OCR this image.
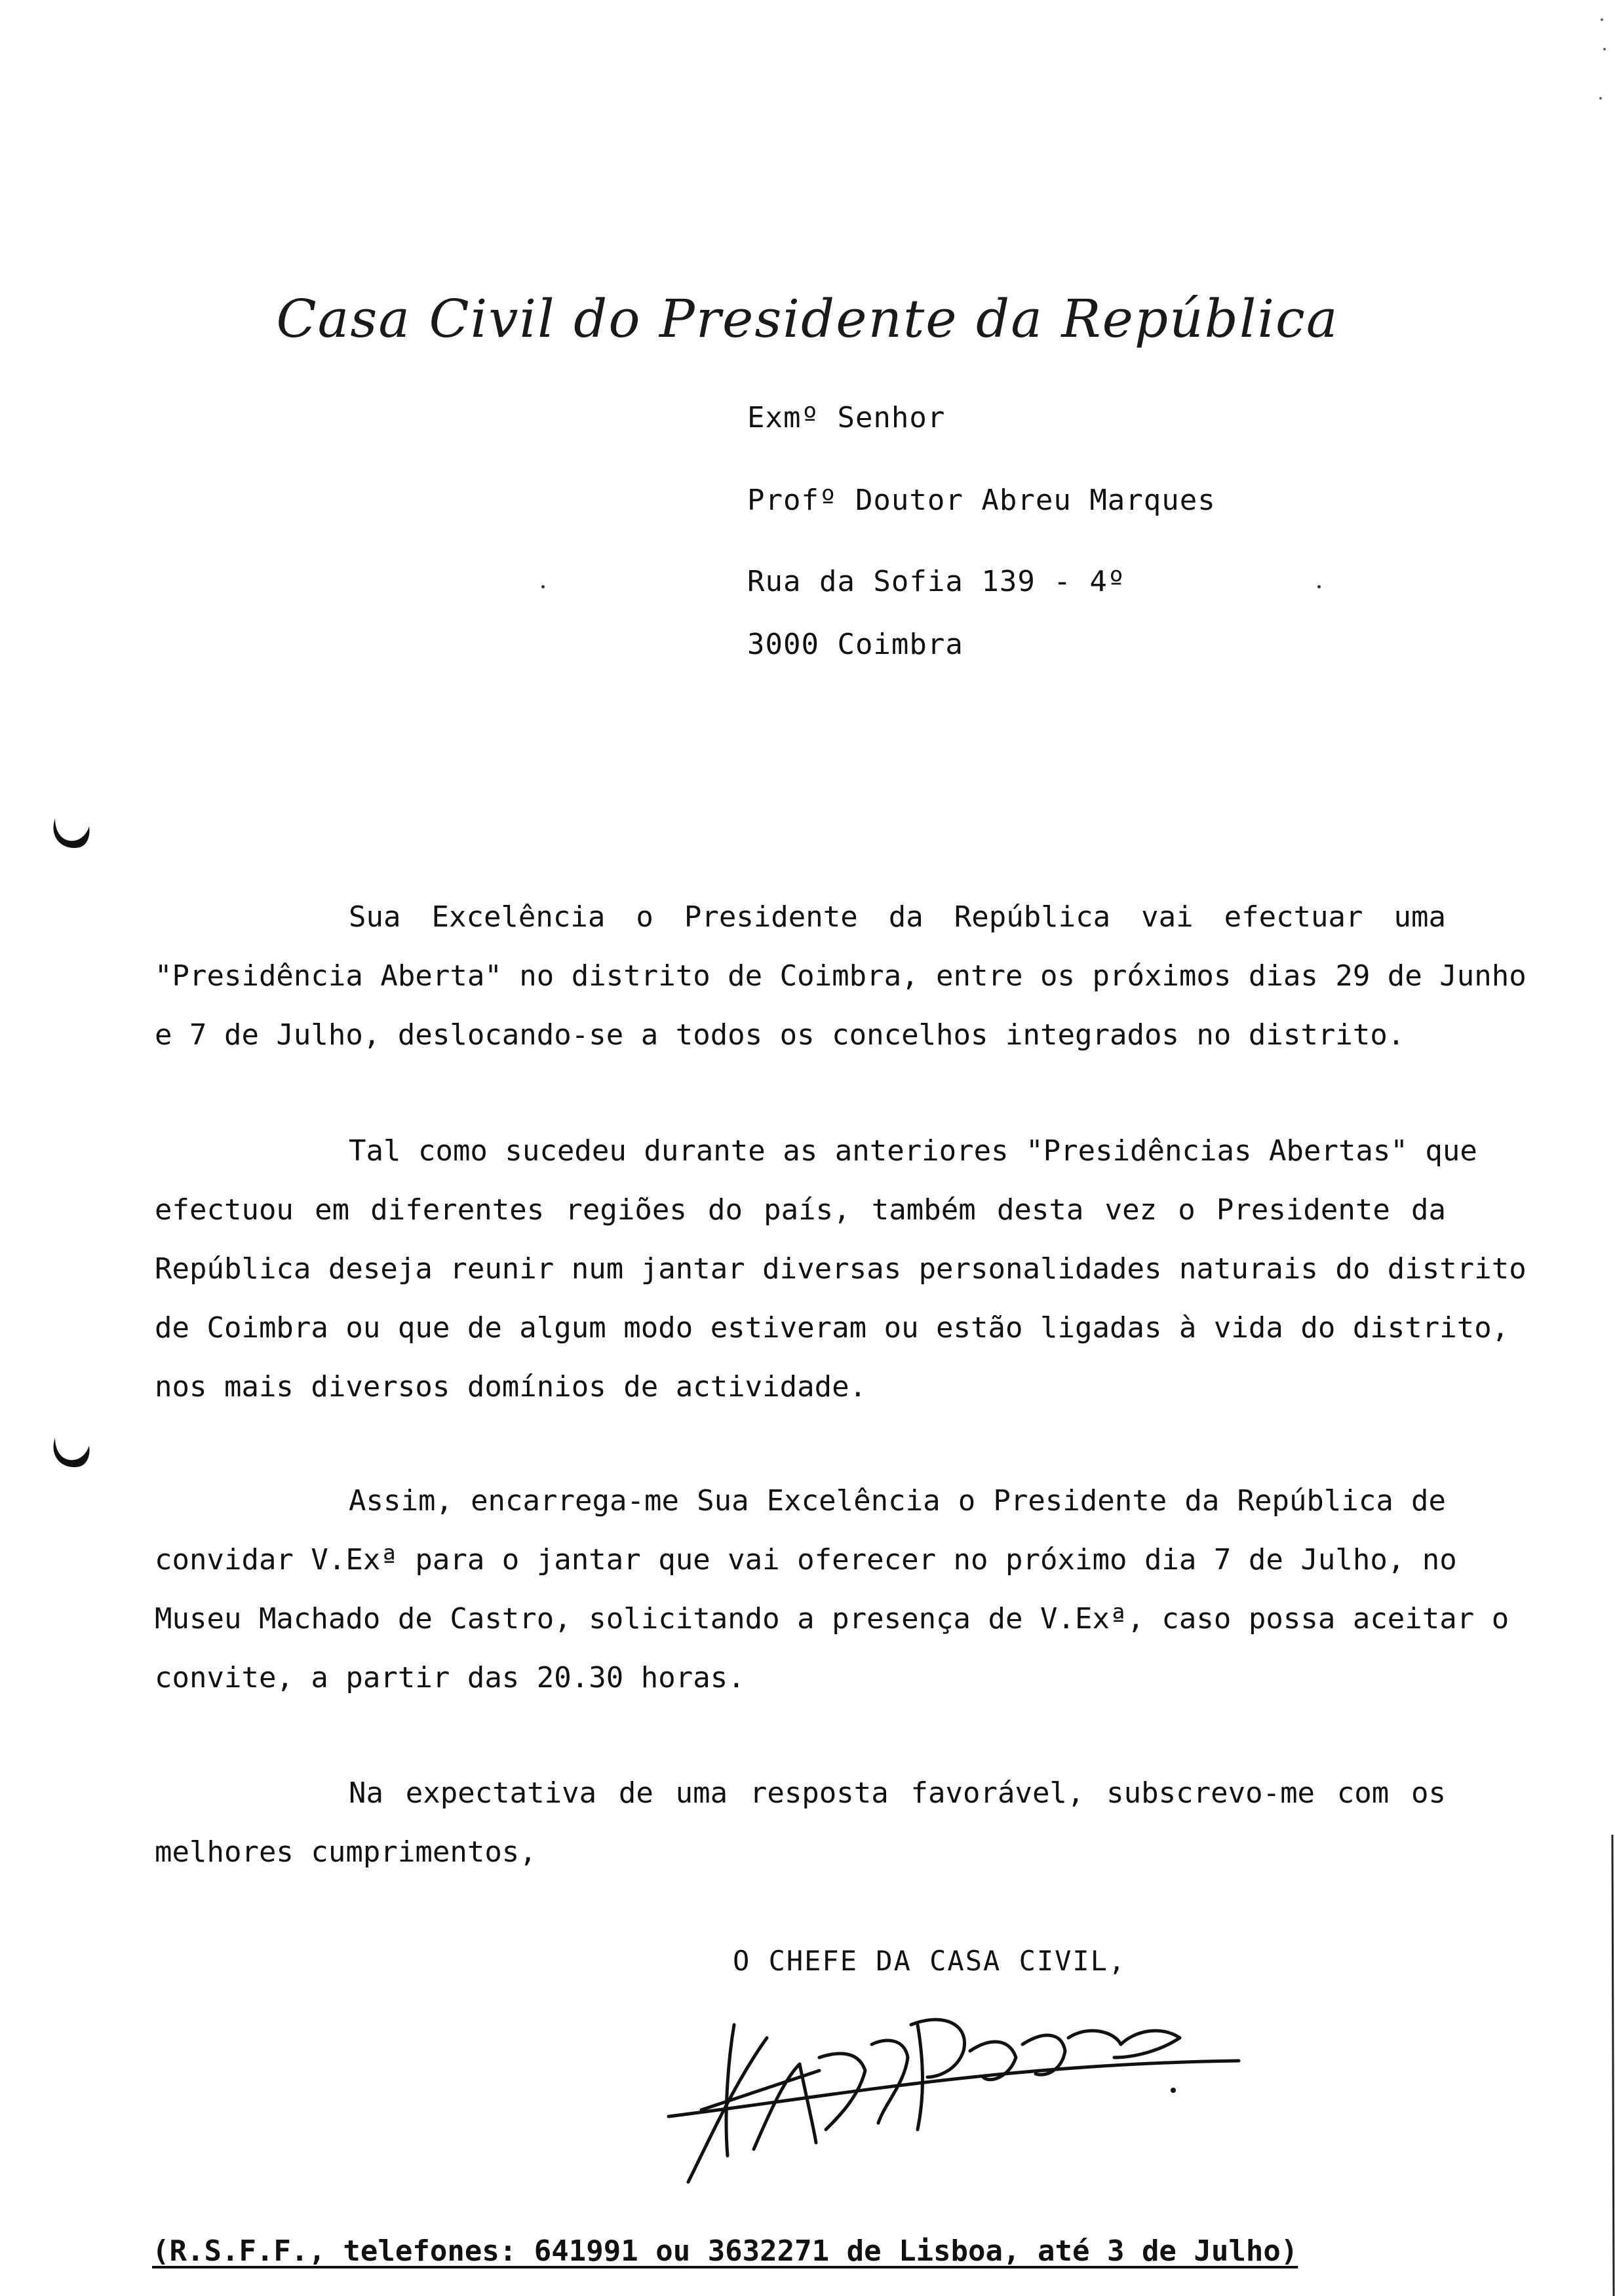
Casa Civil do Presidente da República
Exmº Senhor
Profº Doutor Abreu Marques
Rua da Sofia 139 - 4º
3000 Coimbra
Sua Excelência o Presidente da República vai efectuar uma
"Presidência Aberta" no distrito de Coimbra, entre os próximos dias 29 de Junho
e 7 de Julho, deslocando-se a todos os concelhos integrados no distrito.
Tal como sucedeu durante as anteriores "Presidências Abertas" que
efectuou em diferentes regiões do país, também desta vez o Presidente da
República deseja reunir num jantar diversas personalidades naturais do distrito
de Coimbra ou que de algum modo estiveram ou estão ligadas à vida do distrito,
nos mais diversos domínios de actividade.
Assim, encarrega-me Sua Excelência o Presidente da República de
convidar V.Exª para o jantar que vai oferecer no próximo dia 7 de Julho, no
Museu Machado de Castro, solicitando a presença de V.Exª, caso possa aceitar o
convite, a partir das 20.30 horas.
Na expectativa de uma resposta favorável, subscrevo-me com os
melhores cumprimentos,
O CHEFE DA CASA CIVIL,
(R.S.F.F., telefones: 641991 ou 3632271 de Lisboa, até 3 de Julho)
